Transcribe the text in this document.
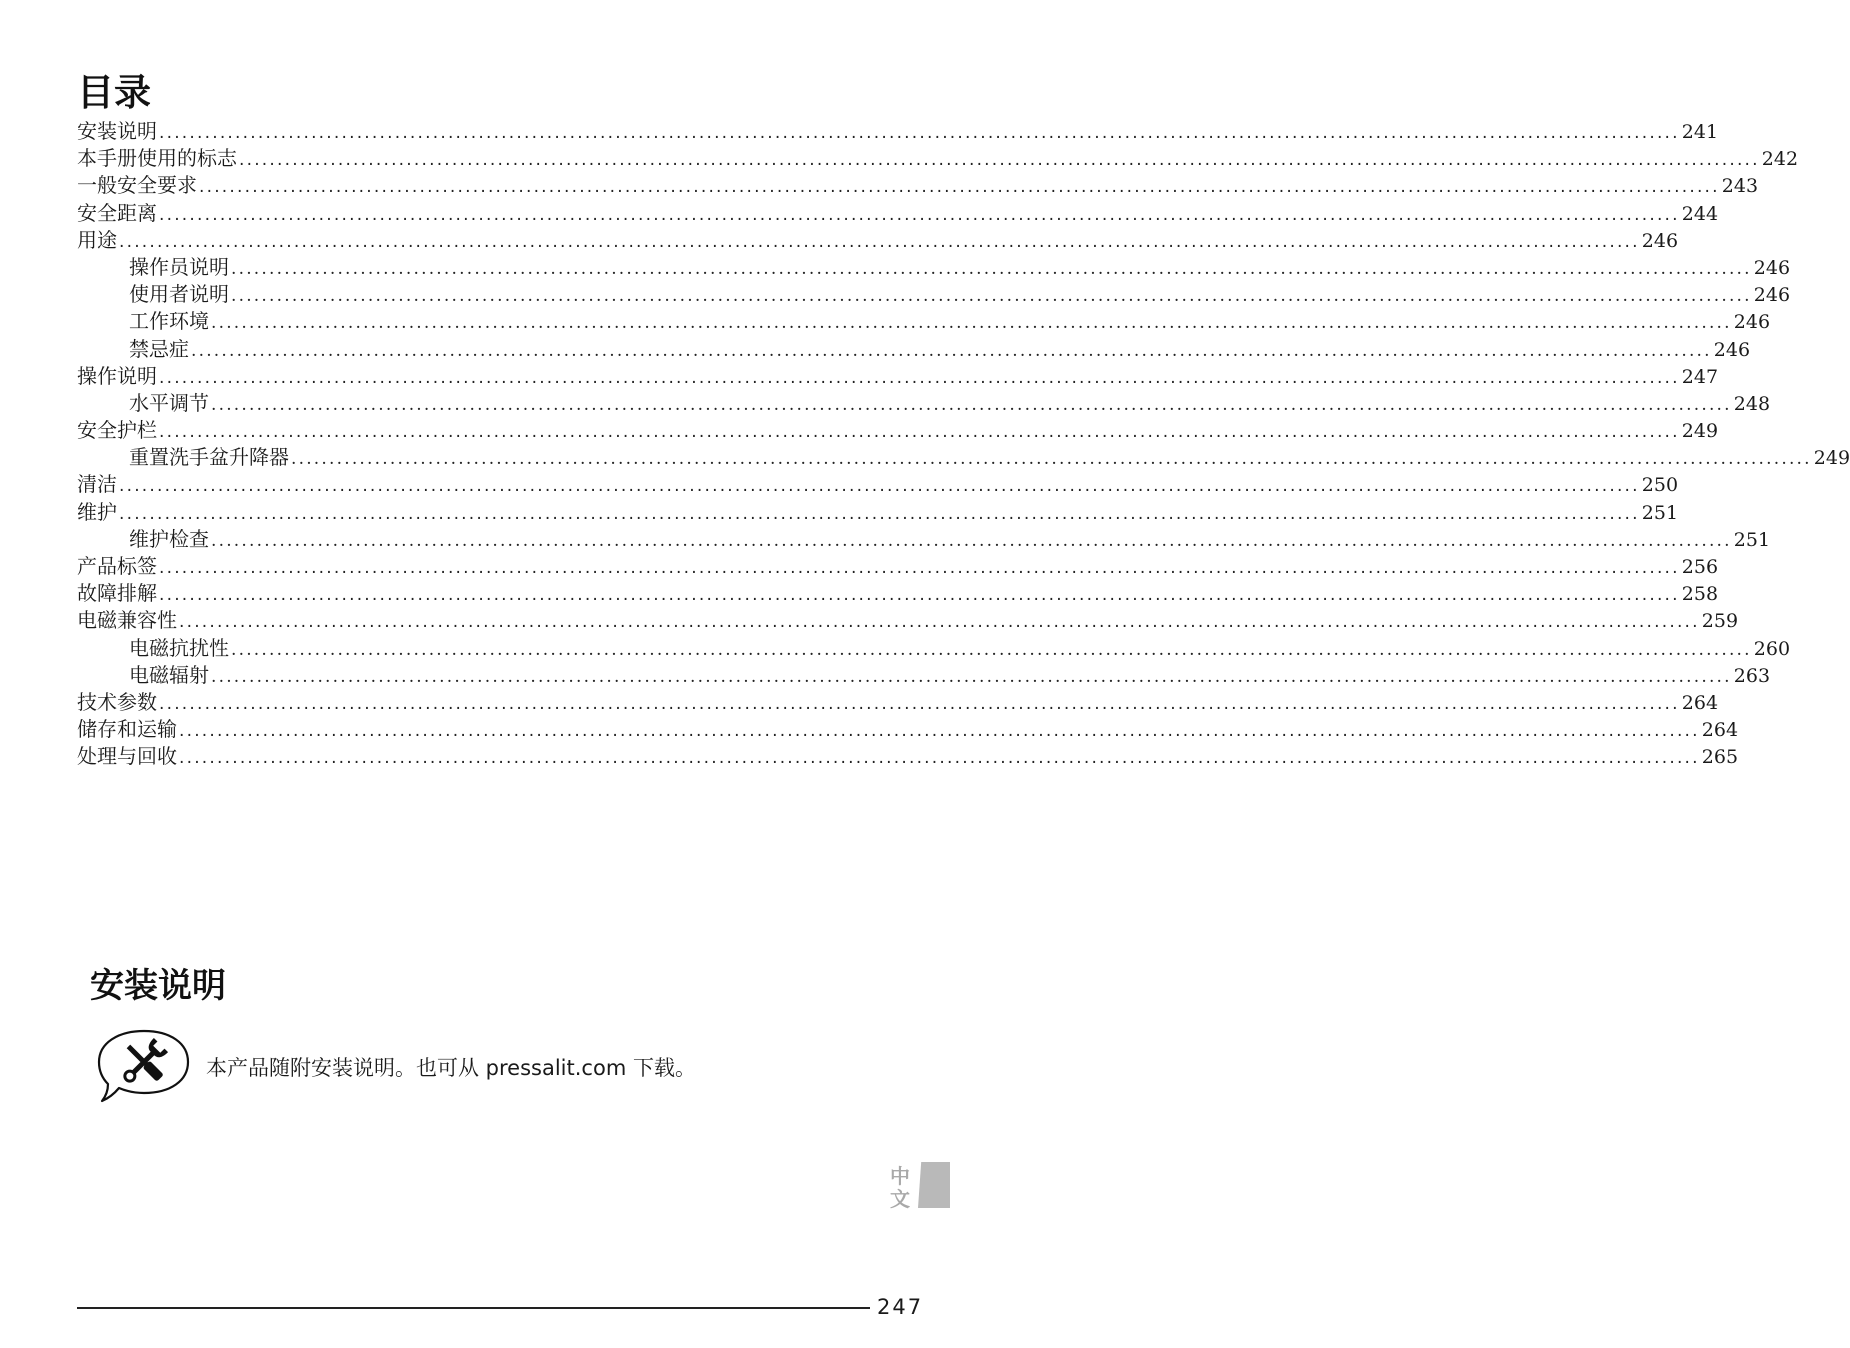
目录
安装说明 ........................................................................................................................................................................................................ 241
本手册使用的标志 ........................................................................................................................................................................................................ 242
一般安全要求 ........................................................................................................................................................................................................ 243
安全距离 ........................................................................................................................................................................................................ 244
用途 ........................................................................................................................................................................................................ 246
操作员说明 ........................................................................................................................................................................................................ 246
使用者说明 ........................................................................................................................................................................................................ 246
工作环境 ........................................................................................................................................................................................................ 246
禁忌症 ........................................................................................................................................................................................................ 246
操作说明 ........................................................................................................................................................................................................ 247
水平调节 ........................................................................................................................................................................................................ 248
安全护栏 ........................................................................................................................................................................................................ 249
重置洗手盆升降器 ........................................................................................................................................................................................................ 249
清洁 ........................................................................................................................................................................................................ 250
维护 ........................................................................................................................................................................................................ 251
维护检查 ........................................................................................................................................................................................................ 251
产品标签 ........................................................................................................................................................................................................ 256
故障排解 ........................................................................................................................................................................................................ 258
电磁兼容性 ........................................................................................................................................................................................................ 259
电磁抗扰性 ........................................................................................................................................................................................................ 260
电磁辐射 ........................................................................................................................................................................................................ 263
技术参数 ........................................................................................................................................................................................................ 264
储存和运输 ........................................................................................................................................................................................................ 264
处理与回收 ........................................................................................................................................................................................................ 265
安装说明
本产品随附安装说明。也可从 pressalit.com 下载。
中
文
247
